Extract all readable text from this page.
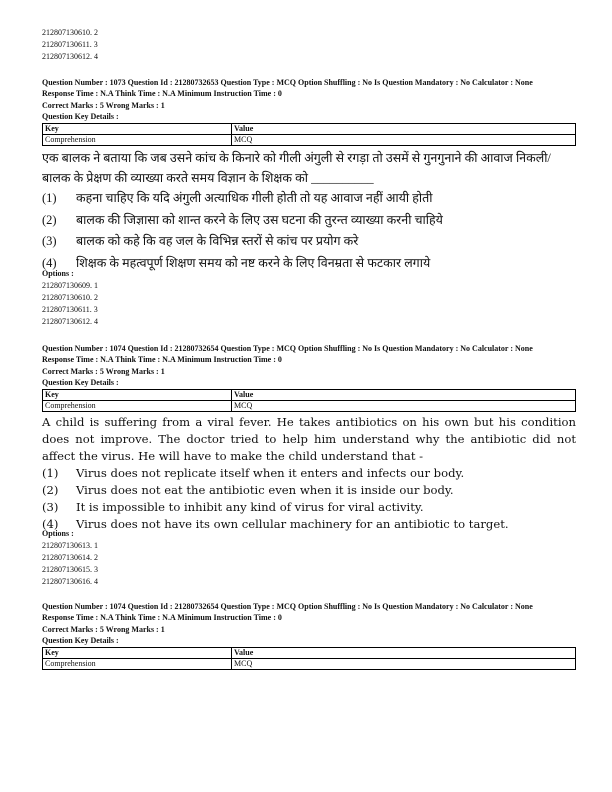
212807130610. 2
212807130611. 3
212807130612. 4
Question Number : 1073 Question Id : 21280732653 Question Type : MCQ Option Shuffling : No Is Question Mandatory : No Calculator : None
Response Time : N.A Think Time : N.A Minimum Instruction Time : 0
Correct Marks : 5 Wrong Marks : 1
Question Key Details :
Key	Value
Comprehension	MCQ
एक बालक ने बताया कि जब उसने कांच के किनारे को गीली अंगुली से रगड़ा तो उसमें से गुनगुनाने की आवाज निकली/ बालक के प्रेक्षण की व्याख्या करते समय विज्ञान के शिक्षक को __________
(1)	कहना चाहिए कि यदि अंगुली अत्याधिक गीली होती तो यह आवाज नहीं आयी होती
(2)	बालक की जिज्ञासा को शान्त करने के लिए उस घटना की तुरन्त व्याख्या करनी चाहिये
(3)	बालक को कहे कि वह जल के विभिन्न स्तरों से कांच पर प्रयोग करे
(4)	शिक्षक के महत्वपूर्ण शिक्षण समय को नष्ट करने के लिए विनम्रता से फटकार लगाये
Options :
212807130609. 1
212807130610. 2
212807130611. 3
212807130612. 4
Question Number : 1074 Question Id : 21280732654 Question Type : MCQ Option Shuffling : No Is Question Mandatory : No Calculator : None
Response Time : N.A Think Time : N.A Minimum Instruction Time : 0
Correct Marks : 5 Wrong Marks : 1
Question Key Details :
Key	Value
Comprehension	MCQ
A child is suffering from a viral fever. He takes antibiotics on his own but his condition does not improve. The doctor tried to help him understand why the antibiotic did not affect the virus. He will have to make the child understand that -
(1)	Virus does not replicate itself when it enters and infects our body.
(2)	Virus does not eat the antibiotic even when it is inside our body.
(3)	It is impossible to inhibit any kind of virus for viral activity.
(4)	Virus does not have its own cellular machinery for an antibiotic to target.
Options :
212807130613. 1
212807130614. 2
212807130615. 3
212807130616. 4
Question Number : 1074 Question Id : 21280732654 Question Type : MCQ Option Shuffling : No Is Question Mandatory : No Calculator : None
Response Time : N.A Think Time : N.A Minimum Instruction Time : 0
Correct Marks : 5 Wrong Marks : 1
Question Key Details :
Key	Value
Comprehension	MCQ
